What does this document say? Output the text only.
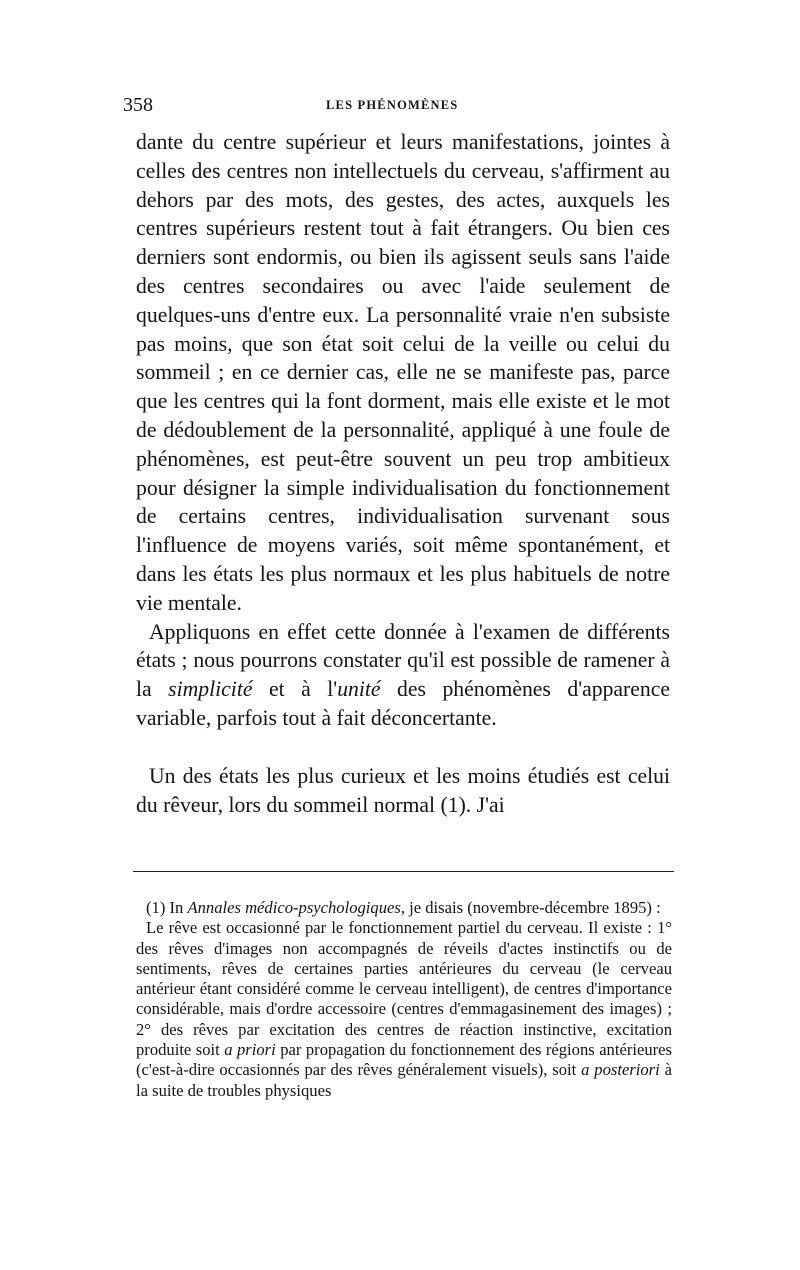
358	LES PHÉNOMÈNES

dante du centre supérieur et leurs manifestations, jointes à celles des centres non intellectuels du cerveau, s'affirment au dehors par des mots, des gestes, des actes, auxquels les centres supérieurs restent tout à fait étrangers. Ou bien ces derniers sont endormis, ou bien ils agissent seuls sans l'aide des centres secondaires ou avec l'aide seulement de quelques-uns d'entre eux. La personnalité vraie n'en subsiste pas moins, que son état soit celui de la veille ou celui du sommeil ; en ce dernier cas, elle ne se manifeste pas, parce que les centres qui la font dorment, mais elle existe et le mot de dédoublement de la personnalité, appliqué à une foule de phénomènes, est peut-être souvent un peu trop ambitieux pour désigner la simple individualisation du fonctionnement de certains centres, individualisation survenant sous l'influence de moyens variés, soit même spontanément, et dans les états les plus normaux et les plus habituels de notre vie mentale.

Appliquons en effet cette donnée à l'examen de différents états ; nous pourrons constater qu'il est possible de ramener à la simplicité et à l'unité des phénomènes d'apparence variable, parfois tout à fait déconcertante.

Un des états les plus curieux et les moins étudiés est celui du rêveur, lors du sommeil normal (1). J'ai

(1) In Annales médico-psychologiques, je disais (novembre-décembre 1895) :

Le rêve est occasionné par le fonctionnement partiel du cerveau. Il existe : 1° des rêves d'images non accompagnés de réveils d'actes instinctifs ou de sentiments, rêves de certaines parties antérieures du cerveau (le cerveau antérieur étant considéré comme le cerveau intelligent), de centres d'importance considérable, mais d'ordre accessoire (centres d'emmagasinement des images) ; 2° des rêves par excitation des centres de réaction instinctive, excitation produite soit a priori par propagation du fonctionnement des régions antérieures (c'est-à-dire occasionnés par des rêves généralement visuels), soit a posteriori à la suite de troubles physiques
